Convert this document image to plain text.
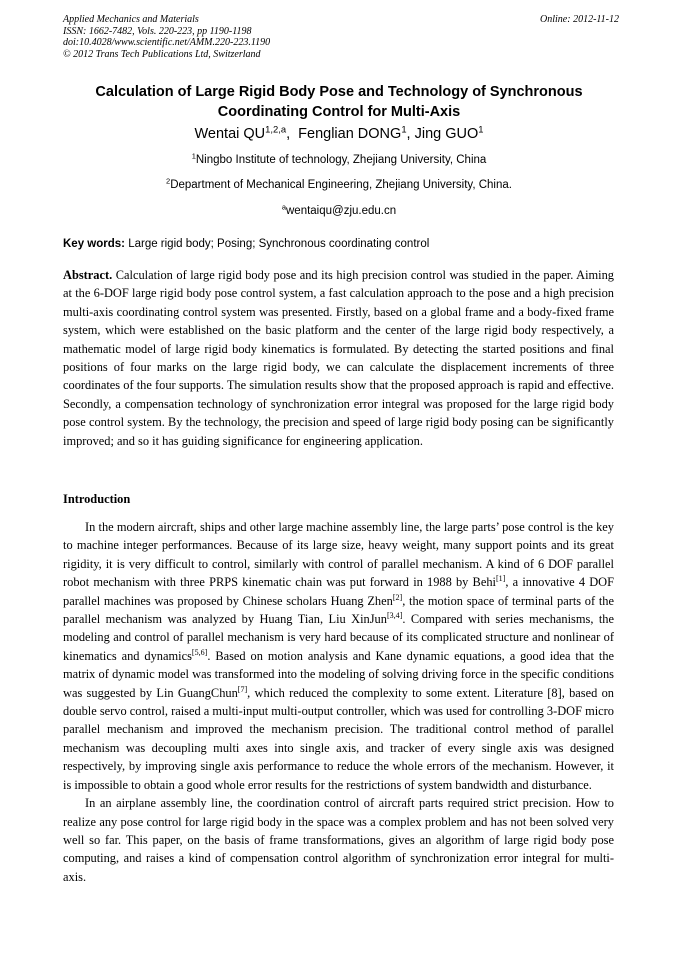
Applied Mechanics and Materials
ISSN: 1662-7482, Vols. 220-223, pp 1190-1198
doi:10.4028/www.scientific.net/AMM.220-223.1190
© 2012 Trans Tech Publications Ltd, Switzerland
Online: 2012-11-12
Calculation of Large Rigid Body Pose and Technology of Synchronous Coordinating Control for Multi-Axis
Wentai QU$^{1,2,a}$,  Fenglian DONG$^1$, Jing GUO$^1$
$^1$Ningbo Institute of technology, Zhejiang University, China
$^2$Department of Mechanical Engineering, Zhejiang University, China.
$^a$wentaiqu@zju.edu.cn
Key words: Large rigid body; Posing; Synchronous coordinating control
Abstract. Calculation of large rigid body pose and its high precision control was studied in the paper. Aiming at the 6-DOF large rigid body pose control system, a fast calculation approach to the pose and a high precision multi-axis coordinating control system was presented. Firstly, based on a global frame and a body-fixed frame system, which were established on the basic platform and the center of the large rigid body respectively, a mathematic model of large rigid body kinematics is formulated. By detecting the started positions and final positions of four marks on the large rigid body, we can calculate the displacement increments of three coordinates of the four supports. The simulation results show that the proposed approach is rapid and effective. Secondly, a compensation technology of synchronization error integral was proposed for the large rigid body pose control system. By the technology, the precision and speed of large rigid body posing can be significantly improved; and so it has guiding significance for engineering application.
Introduction

In the modern aircraft, ships and other large machine assembly line, the large parts’ pose control is the key to machine integer performances. Because of its large size, heavy weight, many support points and its great rigidity, it is very difficult to control, similarly with control of parallel mechanism. A kind of 6 DOF parallel robot mechanism with three PRPS kinematic chain was put forward in 1988 by Behi[1], a innovative 4 DOF parallel machines was proposed by Chinese scholars Huang Zhen[2], the motion space of terminal parts of the parallel mechanism was analyzed by Huang Tian, Liu XinJun[3,4]. Compared with series mechanisms, the modeling and control of parallel mechanism is very hard because of its complicated structure and nonlinear of kinematics and dynamics[5,6]. Based on motion analysis and Kane dynamic equations, a good idea that the matrix of dynamic model was transformed into the modeling of solving driving force in the specific conditions was suggested by Lin GuangChun[7], which reduced the complexity to some extent. Literature [8], based on double servo control, raised a multi-input multi-output controller, which was used for controlling 3-DOF micro parallel mechanism and improved the mechanism precision. The traditional control method of parallel mechanism was decoupling multi axes into single axis, and tracker of every single axis was designed respectively, by improving single axis performance to reduce the whole errors of the mechanism. However, it is impossible to obtain a good whole error results for the restrictions of system bandwidth and disturbance.

In an airplane assembly line, the coordination control of aircraft parts required strict precision. How to realize any pose control for large rigid body in the space was a complex problem and has not been solved very well so far. This paper, on the basis of frame transformations, gives an algorithm of large rigid body pose computing, and raises a kind of compensation control algorithm of synchronization error integral for multi-axis.
